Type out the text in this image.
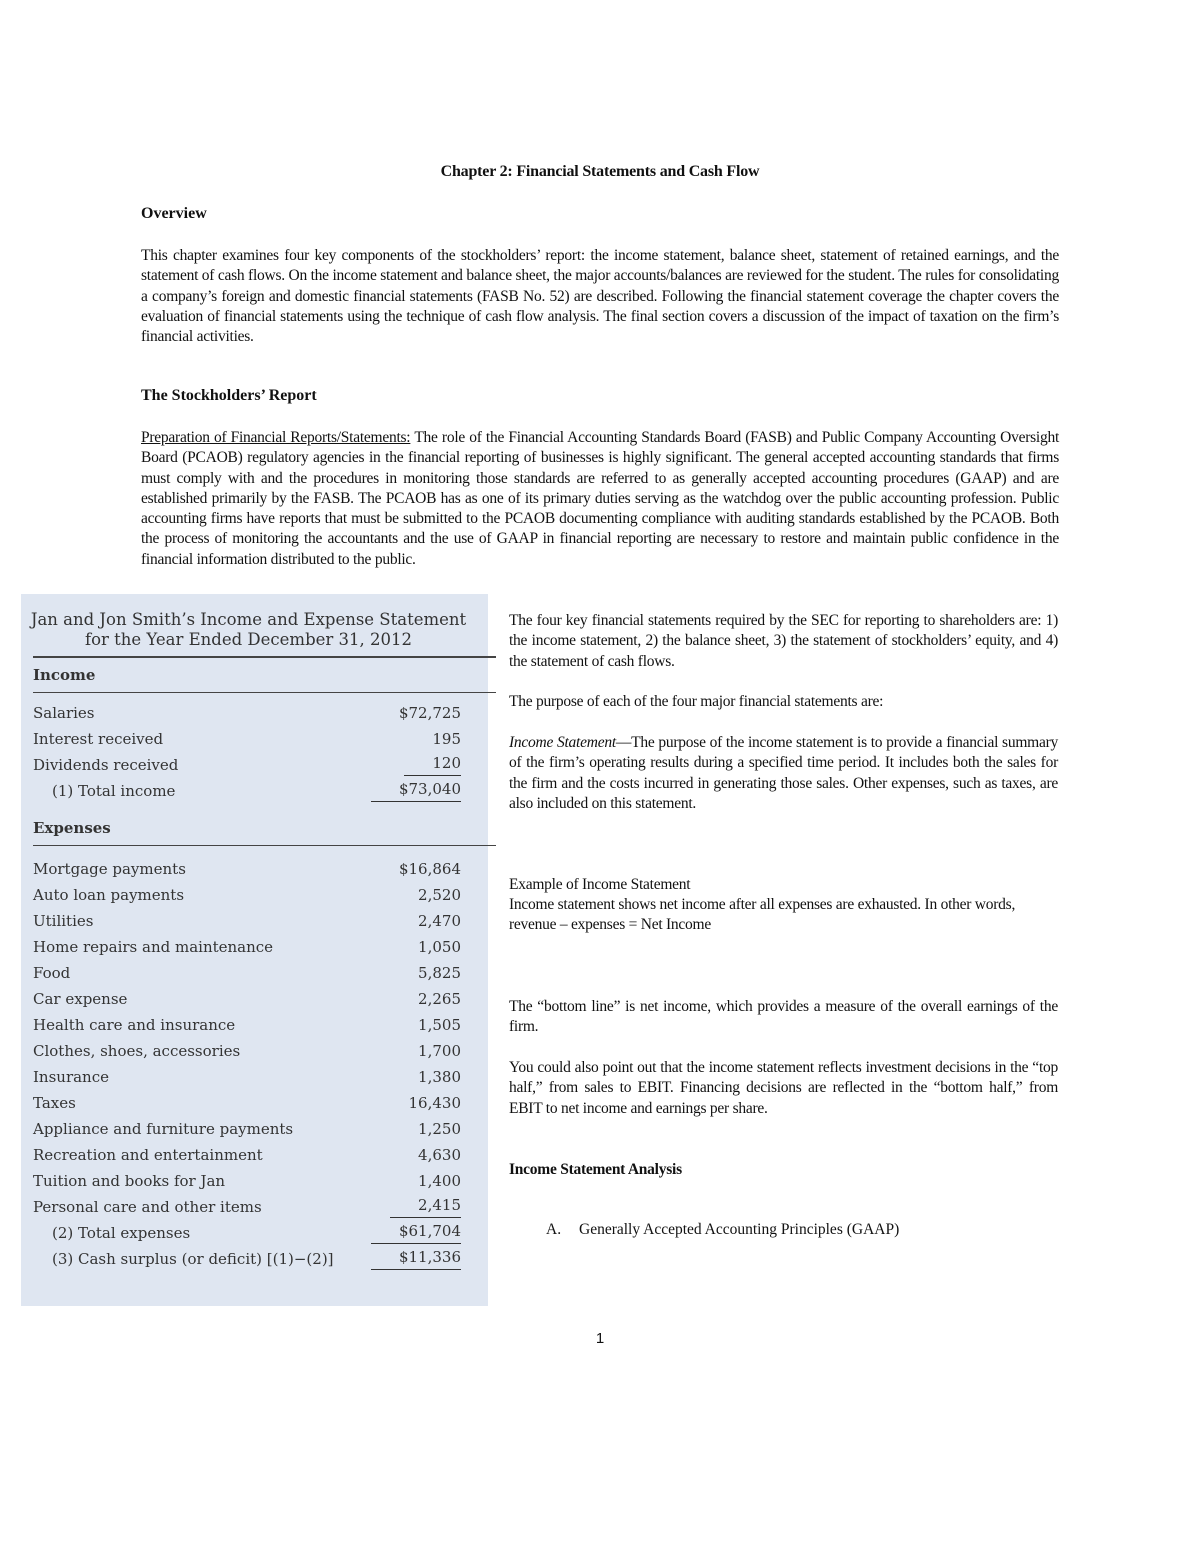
Chapter 2: Financial Statements and Cash Flow
Overview
This chapter examines four key components of the stockholders’ report: the income statement, balance sheet, statement of retained earnings, and the statement of cash flows. On the income statement and balance sheet, the major accounts/balances are reviewed for the student. The rules for consolidating a company’s foreign and domestic financial statements (FASB No. 52) are described. Following the financial statement coverage the chapter covers the evaluation of financial statements using the technique of cash flow analysis. The final section covers a discussion of the impact of taxation on the firm’s financial activities.
The Stockholders’ Report
Preparation of Financial Reports/Statements: The role of the Financial Accounting Standards Board (FASB) and Public Company Accounting Oversight Board (PCAOB) regulatory agencies in the financial reporting of businesses is highly significant. The general accepted accounting standards that firms must comply with and the procedures in monitoring those standards are referred to as generally accepted accounting procedures (GAAP) and are established primarily by the FASB. The PCAOB has as one of its primary duties serving as the watchdog over the public accounting profession. Public accounting firms have reports that must be submitted to the PCAOB documenting compliance with auditing standards established by the PCAOB. Both the process of monitoring the accountants and the use of GAAP in financial reporting are necessary to restore and maintain public confidence in the financial information distributed to the public.
Jan and Jon Smith’s Income and Expense Statement
for the Year Ended December 31, 2012
Income
Salaries	$72,725
Interest received	195
Dividends received	120
(1) Total income	$73,040
Expenses
Mortgage payments	$16,864
Auto loan payments	2,520
Utilities	2,470
Home repairs and maintenance	1,050
Food	5,825
Car expense	2,265
Health care and insurance	1,505
Clothes, shoes, accessories	1,700
Insurance	1,380
Taxes	16,430
Appliance and furniture payments	1,250
Recreation and entertainment	4,630
Tuition and books for Jan	1,400
Personal care and other items	2,415
(2) Total expenses	$61,704
(3) Cash surplus (or deficit) [(1)−(2)]	$11,336
The four key financial statements required by the SEC for reporting to shareholders are: 1) the income statement, 2) the balance sheet, 3) the statement of stockholders’ equity, and 4) the statement of cash flows.
The purpose of each of the four major financial statements are:
Income Statement—The purpose of the income statement is to provide a financial summary of the firm’s operating results during a specified time period. It includes both the sales for the firm and the costs incurred in generating those sales. Other expenses, such as taxes, are also included on this statement.
Example of Income Statement
Income statement shows net income after all expenses are exhausted. In other words, revenue – expenses = Net Income
The “bottom line” is net income, which provides a measure of the overall earnings of the firm.
You could also point out that the income statement reflects investment decisions in the “top half,” from sales to EBIT. Financing decisions are reflected in the “bottom half,” from EBIT to net income and earnings per share.
Income Statement Analysis
A. Generally Accepted Accounting Principles (GAAP)
1
